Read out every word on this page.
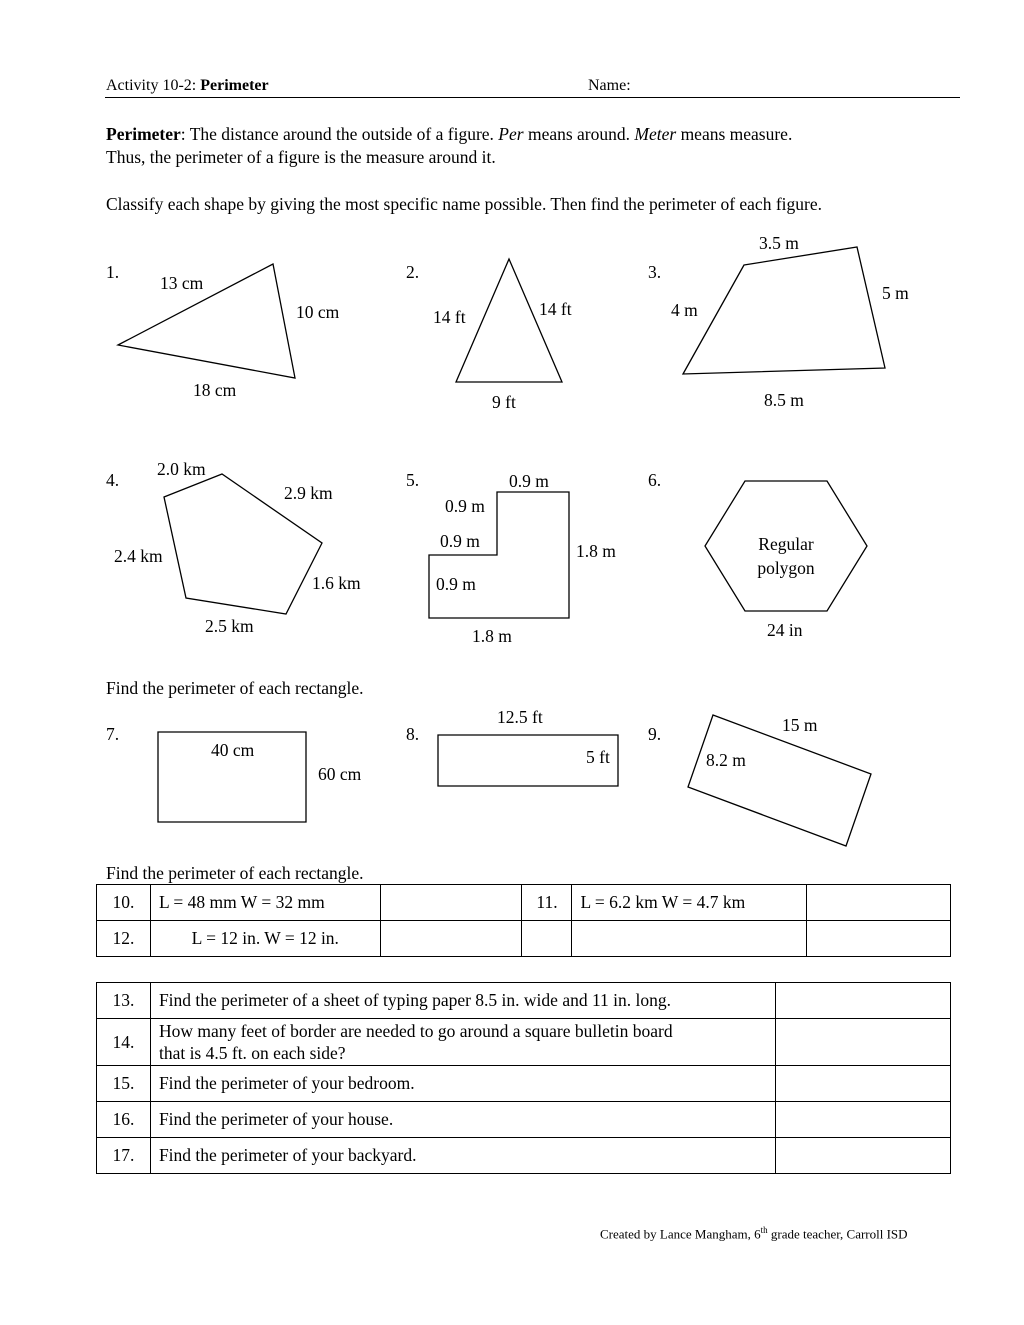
Activity 10-2: Perimeter	Name:
Perimeter: The distance around the outside of a figure. Per means around. Meter means measure.
Thus, the perimeter of a figure is the measure around it.
Classify each shape by giving the most specific name possible. Then find the perimeter of each figure.
1.
13 cm
10 cm
18 cm
2.
14 ft	14 ft
9 ft
3.
3.5 m
5 m
4 m
8.5 m
4.
2.0 km
2.9 km
2.4 km
1.6 km
2.5 km
5.	0.9 m
0.9 m
0.9 m	1.8 m
0.9 m
1.8 m
6.
Regular
polygon
24 in
Find the perimeter of each rectangle.
7.
40 cm
60 cm
8.
12.5 ft
5 ft
9.	15 m
8.2 m
Find the perimeter of each rectangle.
10.	L = 48 mm W = 32 mm		11.	L = 6.2 km W = 4.7 km	
12.	L = 12 in. W = 12 in.				
13.	Find the perimeter of a sheet of typing paper 8.5 in. wide and 11 in. long.	
14.	How many feet of border are needed to go around a square bulletin board
that is 4.5 ft. on each side?	

15.	Find the perimeter of your bedroom.	
16.	Find the perimeter of your house.	
17.	Find the perimeter of your backyard.	
Created by Lance Mangham, 6th grade teacher, Carroll ISD
